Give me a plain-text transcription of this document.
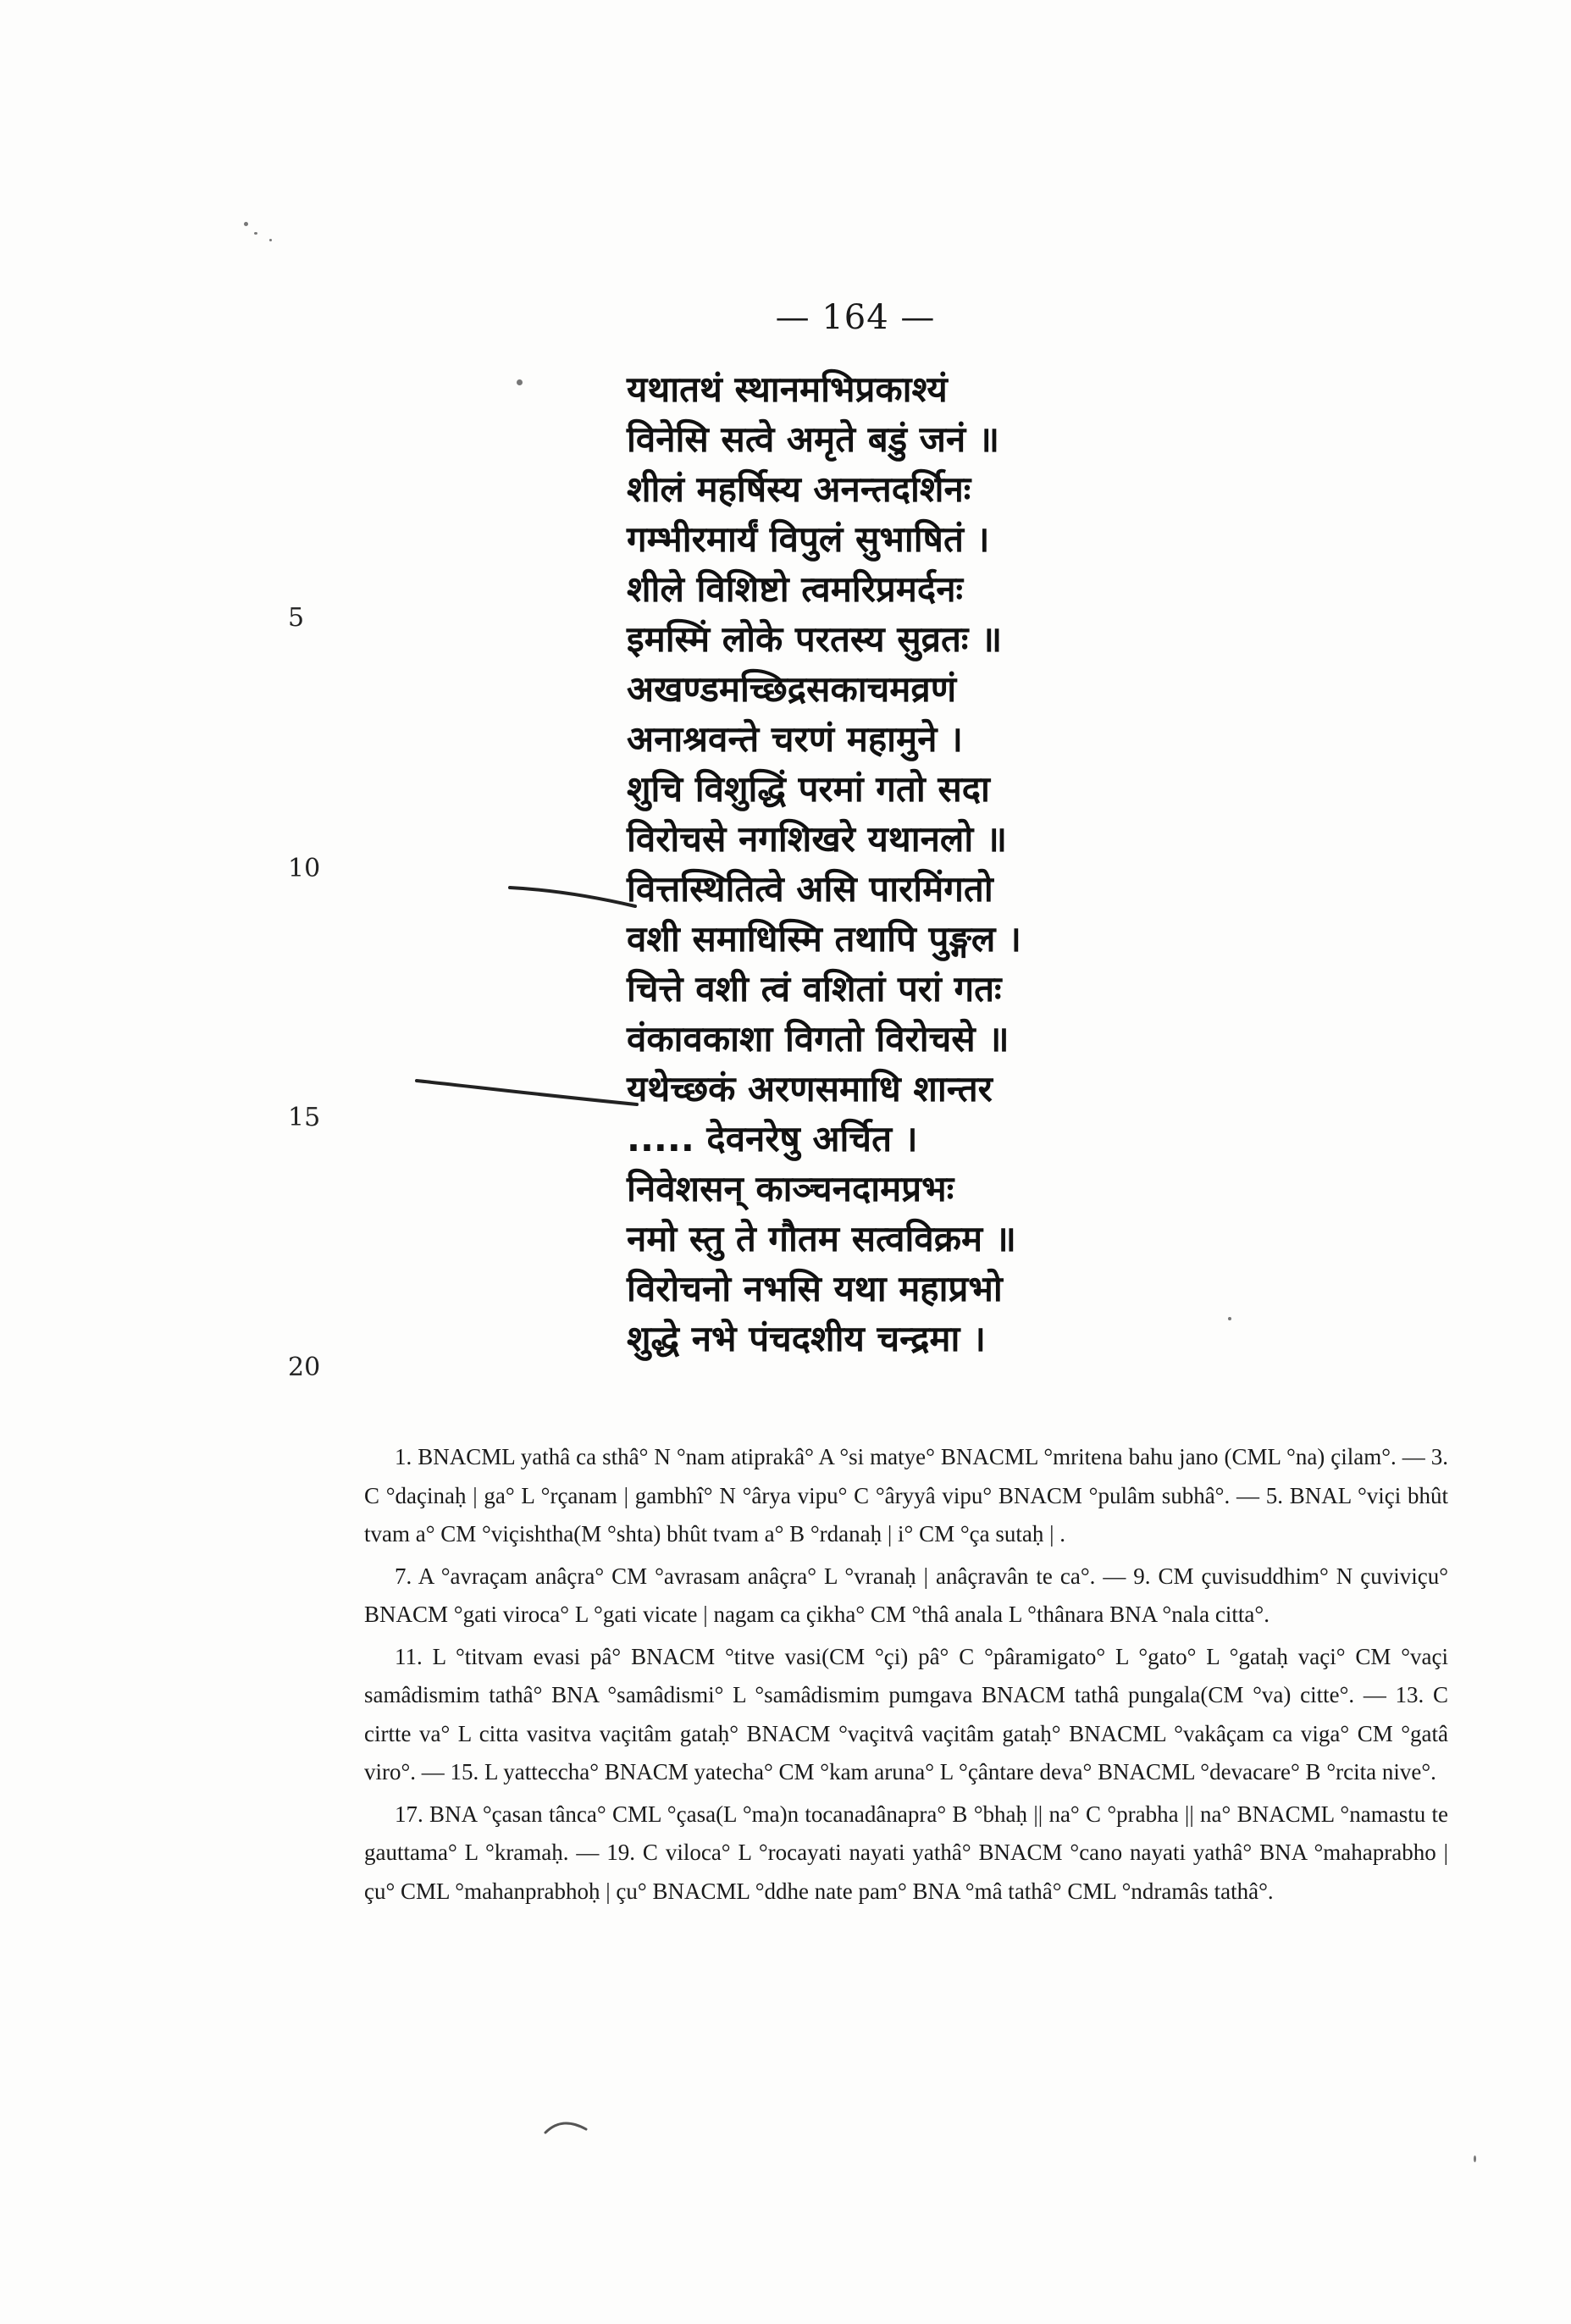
— 164 —
यथातथं स्थानमभिप्रकाश्यं
विनेसि सत्वे अमृते बडुं जनं ॥
शीलं महर्षिस्य अनन्तदर्शिनः
गम्भीरमार्यं विपुलं सुभाषितं ।
शीले विशिष्टो त्वमरिप्रमर्दनः
इमस्मिं लोके परतस्य सुव्रतः ॥
अखण्डमच्छिद्रसकाचमव्रणं
अनाश्रवन्ते चरणं महामुने ।
शुचि विशुद्धिं परमां गतो सदा
विरोचसे नगशिखरे यथानलो ॥
वित्तस्थितित्वे असि पारमिंगतो
वशी समाधिस्मि तथापि पुङ्गल ।
चित्ते वशी त्वं वशितां परां गतः
वंकावकाशा विगतो विरोचसे ॥
यथेच्छकं अरणसमाधि शान्तर
..... देवनरेषु अर्चित ।
निवेशसन् काञ्चनदामप्रभः
नमो स्तु ते गौतम सत्वविक्रम ॥
विरोचनो नभसि यथा महाप्रभो
शुद्धे नभे पंचदशीय चन्द्रमा ।
5
10
15
20

1. BNACML yathâ ca sthâ° N °nam atiprakâ° A °si matye° BNACML °mritena bahu jano (CML °na) çilam°. — 3. C °daçinaḥ | ga° L °rçanam | gambhî° N °ârya vipu° C °âryyâ vipu° BNACM °pulâm subhâ°. — 5. BNAL °viçi bhût tvam a° CM °viçishtha(M °shta) bhût tvam a° B °rdanaḥ | i° CM °ça sutaḥ | .

7. A °avraçam anâçra° CM °avrasam anâçra° L °vranaḥ | anâçravân te ca°. — 9. CM çuvisuddhim° N çuviviçu° BNACM °gati viroca° L °gati vicate | nagam ca çikha° CM °thâ anala L °thânara BNA °nala citta°.

11. L °titvam evasi pâ° BNACM °titve vasi(CM °çi) pâ° C °pâramigato° L °gato° L °gataḥ vaçi° CM °vaçi samâdismim tathâ° BNA °samâdismi° L °samâdismim pumgava BNACM tathâ pungala(CM °va) citte°. — 13. C cirtte va° L citta vasitva vaçitâm gataḥ° BNACM °vaçitvâ vaçitâm gataḥ° BNACML °vakâçam ca viga° CM °gatâ viro°. — 15. L yatteccha° BNACM yatecha° CM °kam aruna° L °çântare deva° BNACML °devacare° B °rcita nive°.

17. BNA °çasan tânca° CML °çasa(L °ma)n tocanadânapra° B °bhaḥ || na° C °prabha || na° BNACML °namastu te gauttama° L °kramaḥ. — 19. C viloca° L °rocayati nayati yathâ° BNACM °cano nayati yathâ° BNA °mahaprabho | çu° CML °mahanprabhoḥ | çu° BNACML °ddhe nate pam° BNA °mâ tathâ° CML °ndramâs tathâ°.
